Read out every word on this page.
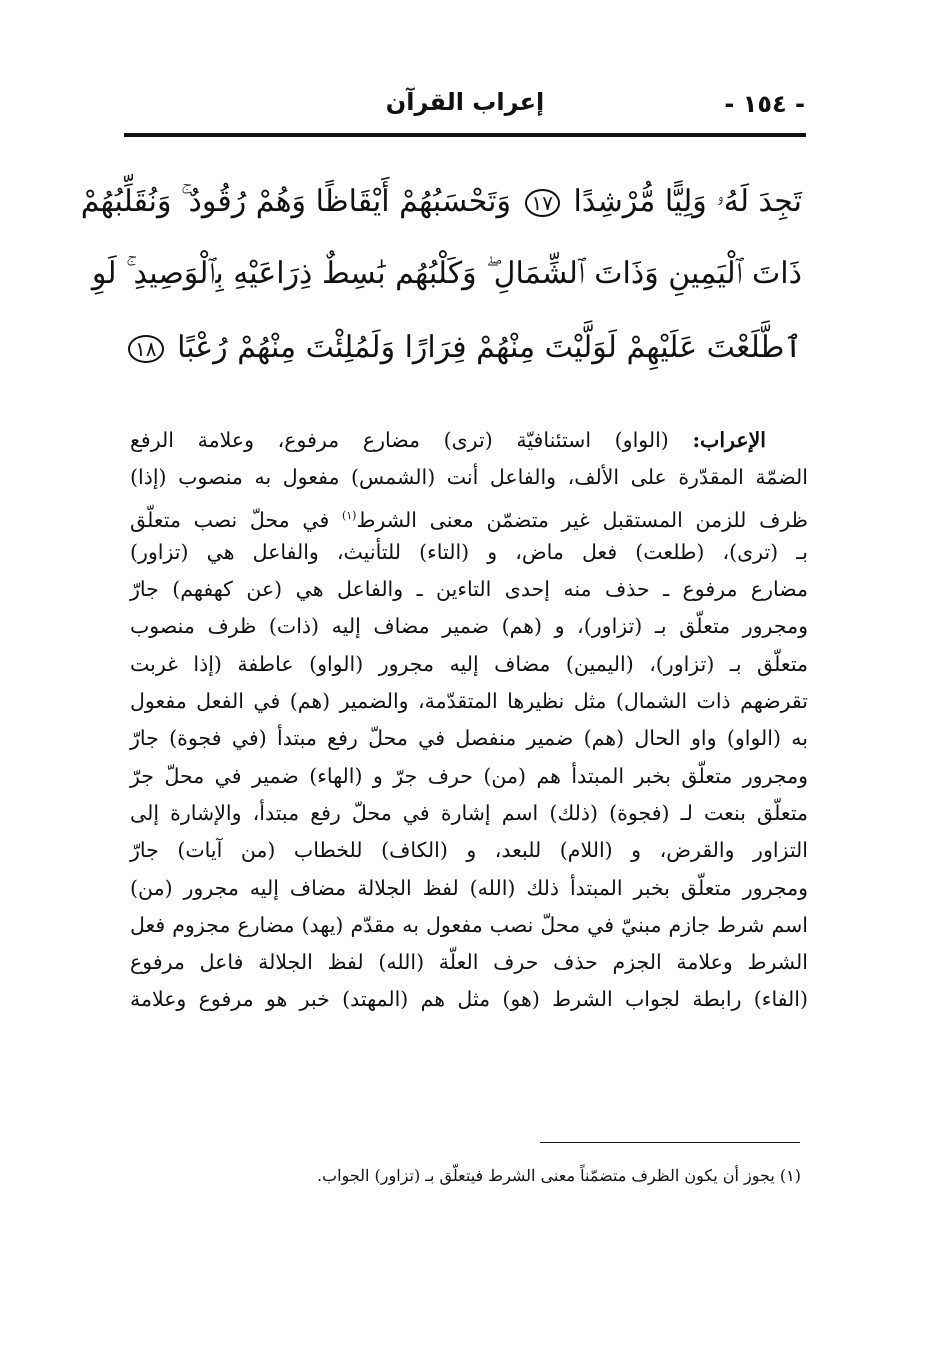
- ١٥٤ -
إعراب القرآن
تَجِدَ لَهُۥ وَلِيًّا مُّرْشِدًا ١٧ وَتَحْسَبُهُمْ أَيْقَاظًا وَهُمْ رُقُودٌ ۚ وَنُقَلِّبُهُمْ
ذَاتَ ٱلْيَمِينِ وَذَاتَ ٱلشِّمَالِ ۖ وَكَلْبُهُم بَٰسِطٌ ذِرَاعَيْهِ بِٱلْوَصِيدِ ۚ لَوِ
ٱطَّلَعْتَ عَلَيْهِمْ لَوَلَّيْتَ مِنْهُمْ فِرَارًا وَلَمُلِئْتَ مِنْهُمْ رُعْبًا ١٨
الإعراب: (الواو) استئنافيّة (ترى) مضارع مرفوع، وعلامة الرفع
الضمّة المقدّرة على الألف، والفاعل أنت (الشمس) مفعول به منصوب (إذا)
ظرف للزمن المستقبل غير متضمّن معنى الشرط$^{(١)}$ في محلّ نصب متعلّق
بـ (ترى)، (طلعت) فعل ماض، و (التاء) للتأنيث، والفاعل هي (تزاور)
مضارع مرفوع ـ حذف منه إحدى التاءين ـ والفاعل هي (عن كهفهم) جارّ
ومجرور متعلّق بـ (تزاور)، و (هم) ضمير مضاف إليه (ذات) ظرف منصوب
متعلّق بـ (تزاور)، (اليمين) مضاف إليه مجرور (الواو) عاطفة (إذا غربت
تقرضهم ذات الشمال) مثل نظيرها المتقدّمة، والضمير (هم) في الفعل مفعول
به (الواو) واو الحال (هم) ضمير منفصل في محلّ رفع مبتدأ (في فجوة) جارّ
ومجرور متعلّق بخبر المبتدأ هم (من) حرف جرّ و (الهاء) ضمير في محلّ جرّ
متعلّق بنعت لـ (فجوة) (ذلك) اسم إشارة في محلّ رفع مبتدأ، والإشارة إلى
التزاور والقرض، و (اللام) للبعد، و (الكاف) للخطاب (من آيات) جارّ
ومجرور متعلّق بخبر المبتدأ ذلك (الله) لفظ الجلالة مضاف إليه مجرور (من)
اسم شرط جازم مبنيّ في محلّ نصب مفعول به مقدّم (يهد) مضارع مجزوم فعل
الشرط وعلامة الجزم حذف حرف العلّة (الله) لفظ الجلالة فاعل مرفوع
(الفاء) رابطة لجواب الشرط (هو) مثل هم (المهتد) خبر هو مرفوع وعلامة
(١) يجوز أن يكون الظرف متضمّناً معنى الشرط فيتعلّق بـ (تزاور) الجواب.
